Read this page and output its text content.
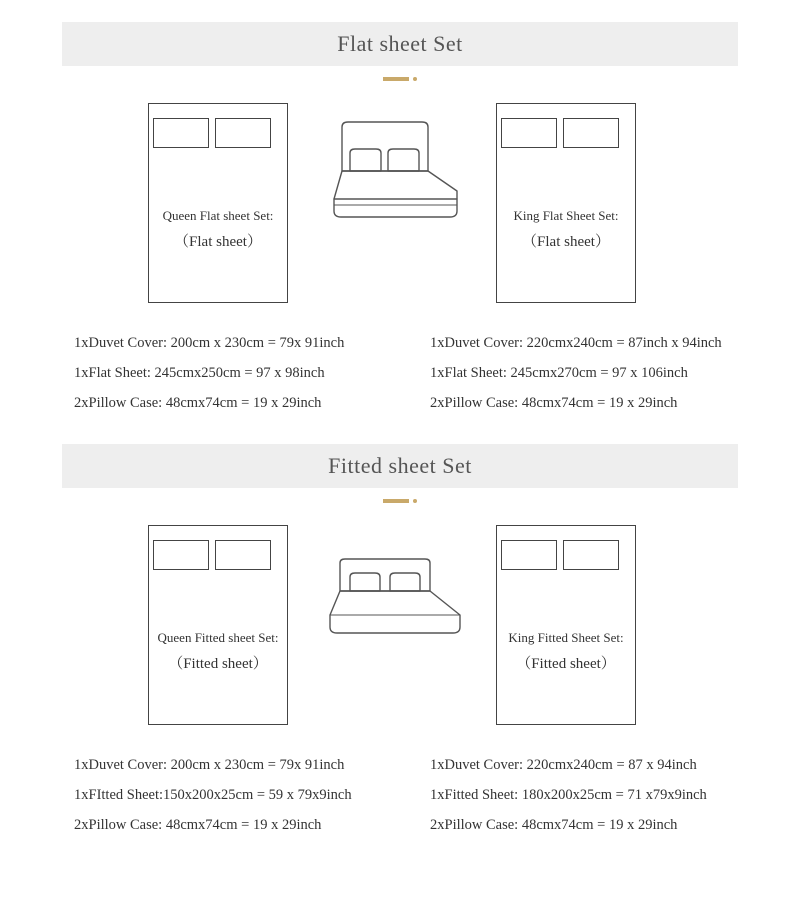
Flat sheet Set
Queen Flat sheet Set:
（Flat sheet）
King Flat Sheet Set:
（Flat sheet）
1xDuvet Cover: 200cm x 230cm = 79x 91inch
1xFlat Sheet: 245cmx250cm = 97 x 98inch
2xPillow Case: 48cmx74cm = 19 x 29inch
1xDuvet Cover: 220cmx240cm = 87inch x 94inch
1xFlat Sheet: 245cmx270cm = 97 x 106inch
2xPillow Case: 48cmx74cm = 19 x 29inch
Fitted sheet Set
Queen Fitted sheet Set:
（Fitted sheet）
King Fitted Sheet Set:
（Fitted sheet）
1xDuvet Cover: 200cm x 230cm = 79x 91inch
1xFItted Sheet:150x200x25cm = 59 x 79x9inch
2xPillow Case: 48cmx74cm = 19 x 29inch
1xDuvet Cover: 220cmx240cm = 87 x 94inch
1xFitted Sheet: 180x200x25cm = 71 x79x9inch
2xPillow Case: 48cmx74cm = 19 x 29inch
